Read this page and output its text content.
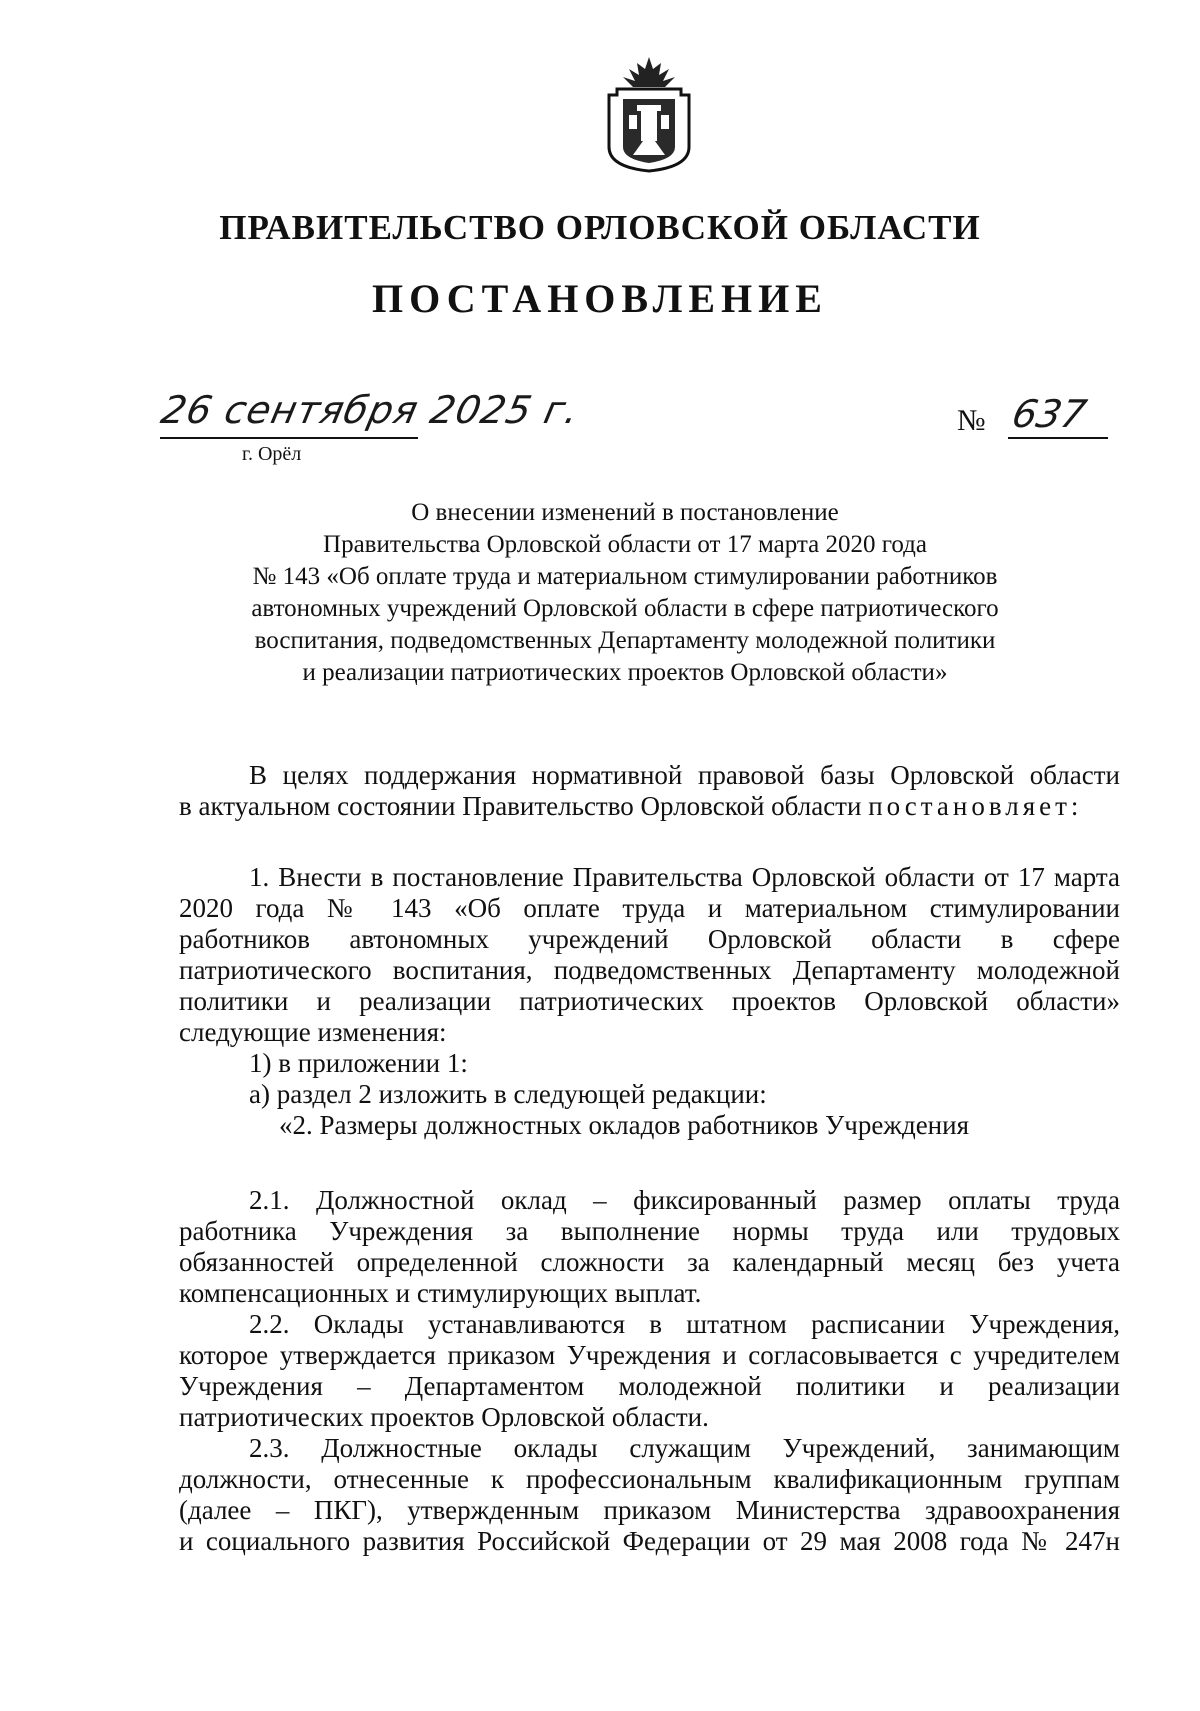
ПРАВИТЕЛЬСТВО ОРЛОВСКОЙ ОБЛАСТИ
ПОСТАНОВЛЕНИЕ
26 сентября 2025 г.
г. Орёл
№ 637
О внесении изменений в постановление
Правительства Орловской области от 17 марта 2020 года
№ 143 «Об оплате труда и материальном стимулировании работников
автономных учреждений Орловской области в сфере патриотического
воспитания, подведомственных Департаменту молодежной политики
и реализации патриотических проектов Орловской области»
В целях поддержания нормативной правовой базы Орловской области
в актуальном состоянии Правительство Орловской области постановляет:
1. Внести в постановление Правительства Орловской области от 17 марта
2020 года № 143 «Об оплате труда и материальном стимулировании
работников автономных учреждений Орловской области в сфере
патриотического воспитания, подведомственных Департаменту молодежной
политики и реализации патриотических проектов Орловской области»
следующие изменения:
1) в приложении 1:
а) раздел 2 изложить в следующей редакции:
«2. Размеры должностных окладов работников Учреждения
2.1. Должностной оклад – фиксированный размер оплаты труда
работника Учреждения за выполнение нормы труда или трудовых
обязанностей определенной сложности за календарный месяц без учета
компенсационных и стимулирующих выплат.
2.2. Оклады устанавливаются в штатном расписании Учреждения,
которое утверждается приказом Учреждения и согласовывается с учредителем
Учреждения – Департаментом молодежной политики и реализации
патриотических проектов Орловской области.
2.3. Должностные оклады служащим Учреждений, занимающим
должности, отнесенные к профессиональным квалификационным группам
(далее – ПКГ), утвержденным приказом Министерства здравоохранения
и социального развития Российской Федерации от 29 мая 2008 года № 247н
